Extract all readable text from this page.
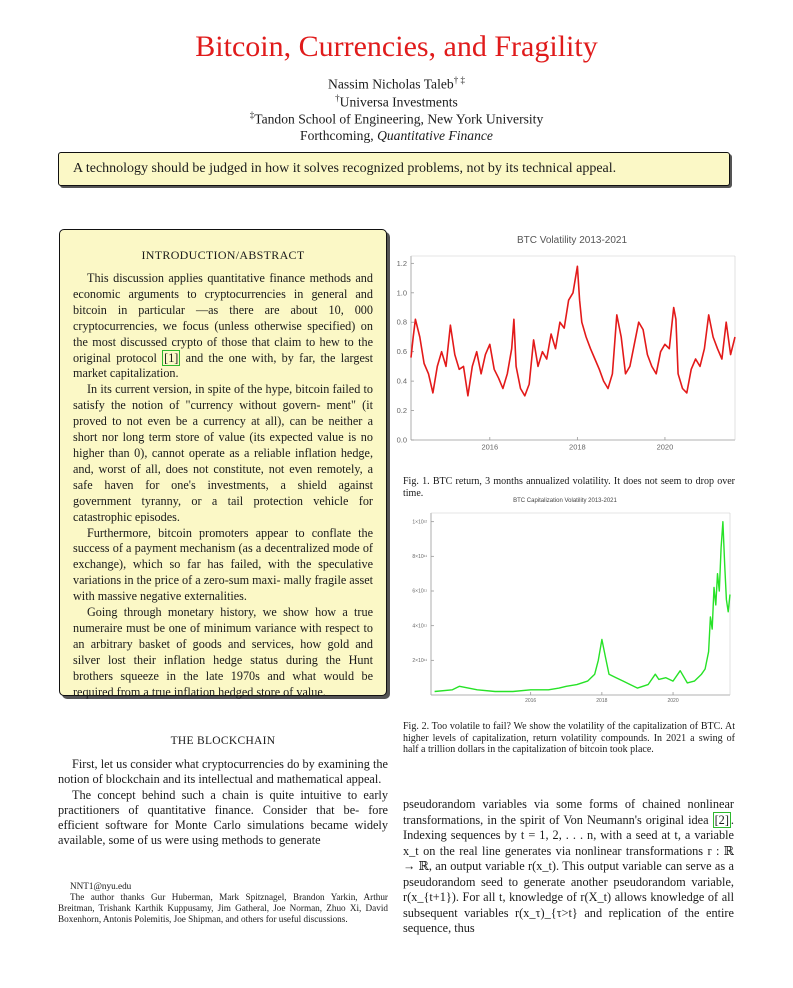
Bitcoin, Currencies, and Fragility
Nassim Nicholas Taleb† ‡
†Universa Investments
‡Tandon School of Engineering, New York University
Forthcoming, Quantitative Finance
A technology should be judged in how it solves recognized problems, not by its technical appeal.
INTRODUCTION/ABSTRACT

This discussion applies quantitative finance methods and economic arguments to cryptocurrencies in general and bitcoin in particular —as there are about 10, 000 cryptocurrencies, we focus (unless otherwise specified) on the most discussed crypto of those that claim to hew to the original protocol [1] and the one with, by far, the largest market capitalization.

In its current version, in spite of the hype, bitcoin failed to satisfy the notion of "currency without govern- ment" (it proved to not even be a currency at all), can be neither a short nor long term store of value (its expected value is no higher than 0), cannot operate as a reliable inflation hedge, and, worst of all, does not constitute, not even remotely, a safe haven for one's investments, a shield against government tyranny, or a tail protection vehicle for catastrophic episodes.

Furthermore, bitcoin promoters appear to conflate the success of a payment mechanism (as a decentralized mode of exchange), which so far has failed, with the speculative variations in the price of a zero-sum maxi- mally fragile asset with massive negative externalities.

Going through monetary history, we show how a true numeraire must be one of minimum variance with respect to an arbitrary basket of goods and services, how gold and silver lost their inflation hedge status during the Hunt brothers squeeze in the late 1970s and what would be required from a true inflation hedged store of value.

BTC Volatility 2013-2021
2016	2018	2020
0.0
0.2
0.4
0.6
0.8
1.0
1.2
Fig. 1. BTC return, 3 months annualized volatility. It does not seem to drop over time.
BTC Capitalization Volatility 2013-2021
2016	2018	2020
2×10¹¹
4×10¹¹
6×10¹¹
8×10¹¹
1×10¹²
Fig. 2. Too volatile to fail? We show the volatility of the capitalization of BTC. At higher levels of capitalization, return volatility compounds. In 2021 a swing of half a trillion dollars in the capitalization of bitcoin took place.
THE BLOCKCHAIN

First, let us consider what cryptocurrencies do by examining the notion of blockchain and its intellectual and mathematical appeal.

The concept behind such a chain is quite intuitive to early practitioners of quantitative finance. Consider that be- fore efficient software for Monte Carlo simulations became widely available, some of us were using methods to generate

NNT1@nyu.edu

The author thanks Gur Huberman, Mark Spitznagel, Brandon Yarkin, Arthur Breitman, Trishank Karthik Kuppusamy, Jim Gatheral, Joe Norman, Zhuo Xi, David Boxenhorn, Antonis Polemitis, Joe Shipman, and others for useful discussions.

pseudorandom variables via some forms of chained nonlinear transformations, in the spirit of Von Neumann's original idea [2] . Indexing sequences by t = 1, 2, . . . n, with a seed at t, a variable x_t on the real line generates via nonlinear transformations r : ℝ → ℝ, an output variable r(x_t). This output variable can serve as a pseudorandom seed to generate another pseudorandom variable, r(x_{t+1}). For all t, knowledge of r(X_t) allows knowledge of all subsequent variables r(x_τ)_{τ>t} and replication of the entire sequence, thus
